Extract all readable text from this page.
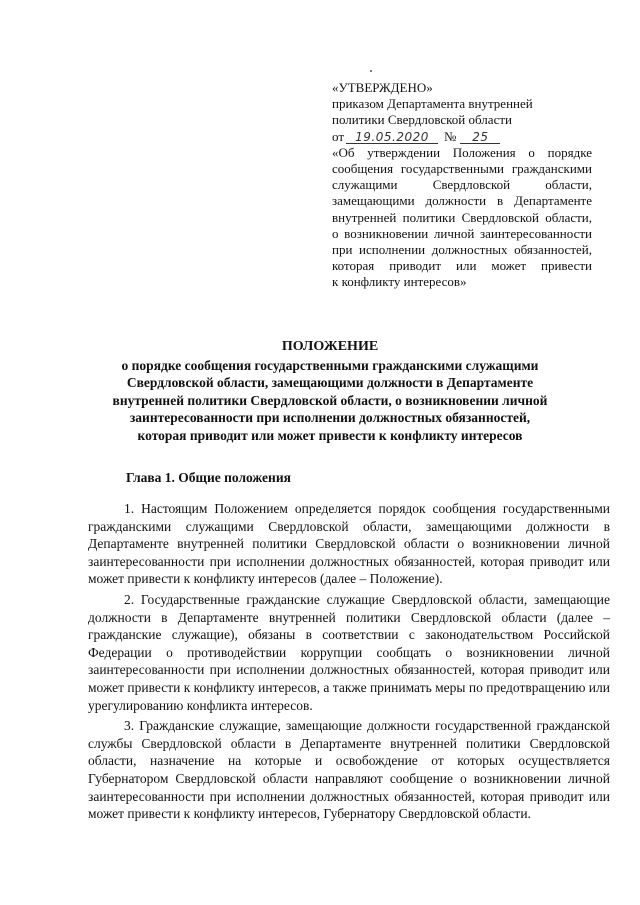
«УТВЕРЖДЕНО»
приказом Департамента внутренней
политики Свердловской области
от 19.05.2020	№	25
«Об утверждении Положения о порядке
сообщения государственными гражданскими
служащими Свердловской области,
замещающими должности в Департаменте
внутренней политики Свердловской области,
о возникновении личной заинтересованности
при исполнении должностных обязанностей,
которая приводит или может привести
к конфликту интересов»
ПОЛОЖЕНИЕ
о порядке сообщения государственными гражданскими служащими
Свердловской области, замещающими должности в Департаменте
внутренней политики Свердловской области, о возникновении личной
заинтересованности при исполнении должностных обязанностей,
которая приводит или может привести к конфликту интересов
Глава 1. Общие положения

1. Настоящим Положением определяется порядок сообщения государственными гражданскими служащими Свердловской области, замещающими должности в Департаменте внутренней политики Свердловской области о возникновении личной заинтересованности при исполнении должностных обязанностей, которая приводит или может привести к конфликту интересов (далее – Положение).

2. Государственные гражданские служащие Свердловской области, замещающие должности в Департаменте внутренней политики Свердловской области (далее – гражданские служащие), обязаны в соответствии с законодательством Российской Федерации о противодействии коррупции сообщать о возникновении личной заинтересованности при исполнении должностных обязанностей, которая приводит или может привести к конфликту интересов, а также принимать меры по предотвращению или урегулированию конфликта интересов.

3. Гражданские служащие, замещающие должности государственной гражданской службы Свердловской области в Департаменте внутренней политики Свердловской области, назначение на которые и освобождение от которых осуществляется Губернатором Свердловской области направляют сообщение о возникновении личной заинтересованности при исполнении должностных обязанностей, которая приводит или может привести к конфликту интересов, Губернатору Свердловской области.
